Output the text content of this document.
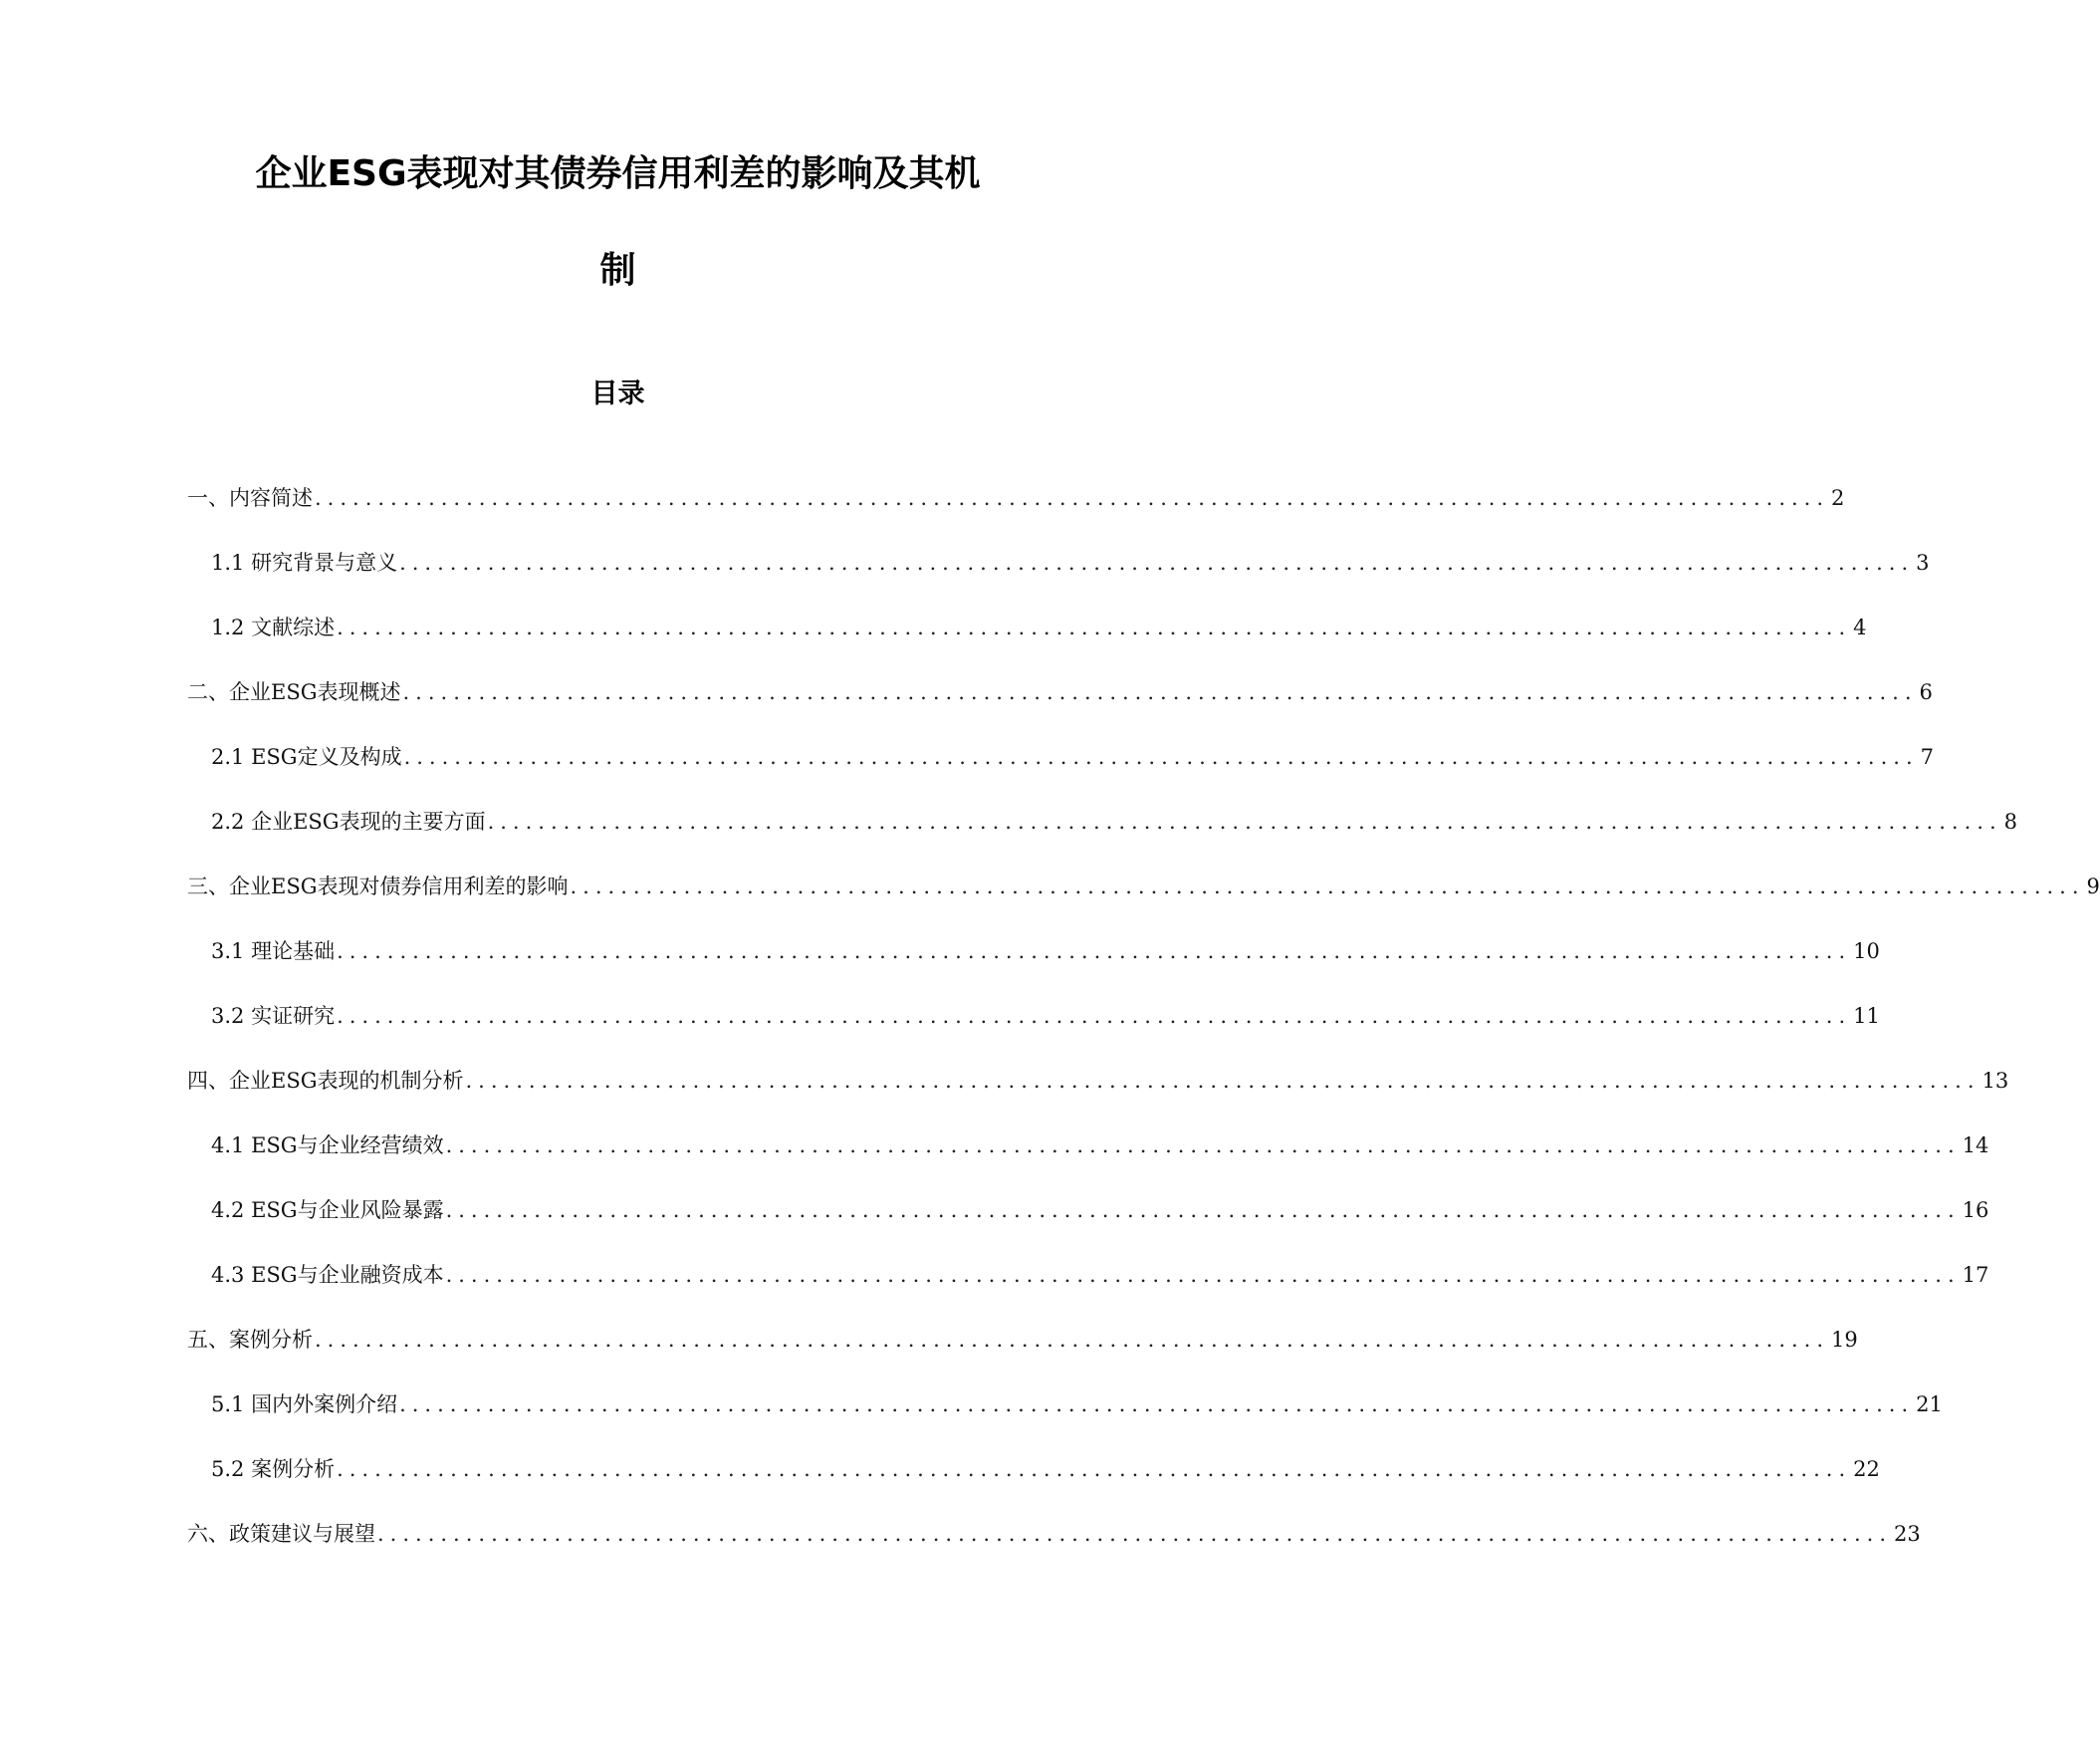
企业ESG表现对其债券信用利差的影响及其机
制
目录
一、内容简述 ........................................................................................................................ 2
1.1 研究背景与意义 ........................................................................................................................ 3
1.2 文献综述 ........................................................................................................................ 4
二、企业ESG表现概述 ........................................................................................................................ 6
2.1 ESG定义及构成 ........................................................................................................................ 7
2.2 企业ESG表现的主要方面 ........................................................................................................................ 8
三、企业ESG表现对债券信用利差的影响 ........................................................................................................................ 9
3.1 理论基础 ........................................................................................................................ 10
3.2 实证研究 ........................................................................................................................ 11
四、企业ESG表现的机制分析 ........................................................................................................................ 13
4.1 ESG与企业经营绩效 ........................................................................................................................ 14
4.2 ESG与企业风险暴露 ........................................................................................................................ 16
4.3 ESG与企业融资成本 ........................................................................................................................ 17
五、案例分析 ........................................................................................................................ 19
5.1 国内外案例介绍 ........................................................................................................................ 21
5.2 案例分析 ........................................................................................................................ 22
六、政策建议与展望 ........................................................................................................................ 23
